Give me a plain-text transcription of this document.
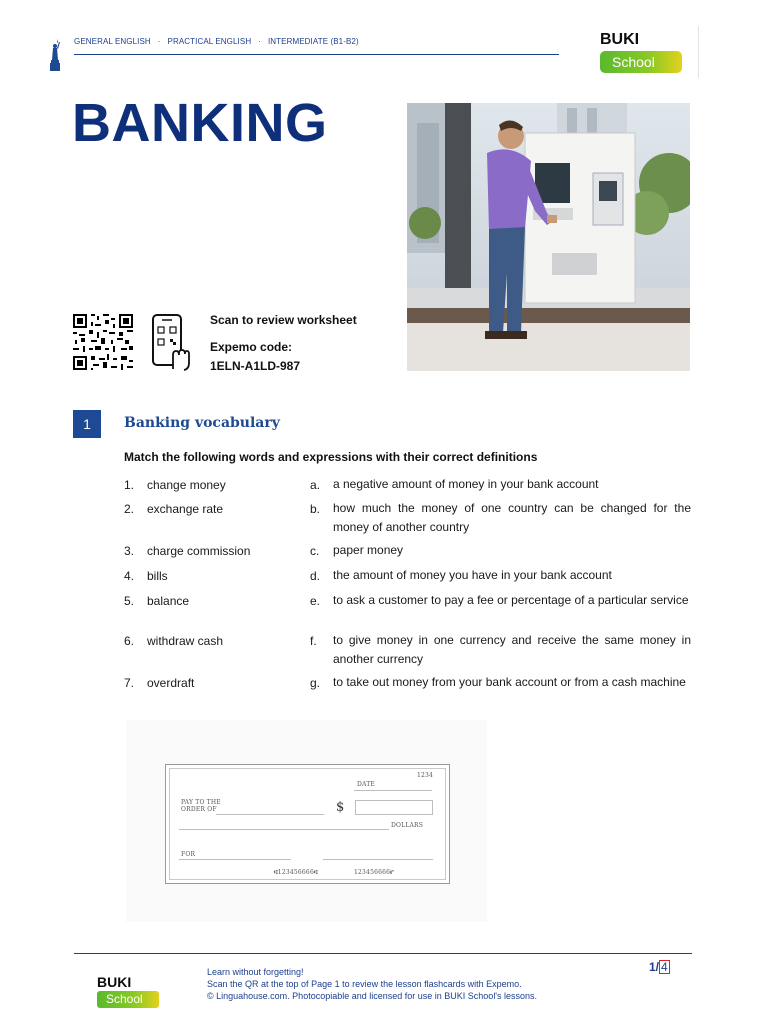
GENERAL ENGLISH · PRACTICAL ENGLISH · INTERMEDIATE (B1-B2)	BUKI
School
BANKING
Scan to review worksheet
Expemo code:
1ELN-A1LD-987
1	Banking vocabulary
Match the following words and expressions with their correct definitions
1. change money	a. a negative amount of money in your bank account
2. exchange rate	b. how much the money of one country can be changed for the money of another country
3. charge commission	c. paper money
4. bills	d. the amount of money you have in your bank account
5. balance	e. to ask a customer to pay a fee or percentage of a particular service
6. withdraw cash	f. to give money in one currency and receive the same money in another currency
7. overdraft	g. to take out money from your bank account or from a cash machine
1234
DATE
PAY TO THE
ORDER OF	$
DOLLARS
FOR
⑆123456666⑆	123456666⑈
BUKI
School
Learn without forgetting!
Scan the QR at the top of Page 1 to review the lesson flashcards with Expemo.
© Linguahouse.com. Photocopiable and licensed for use in BUKI School's lessons.
1/ 4
